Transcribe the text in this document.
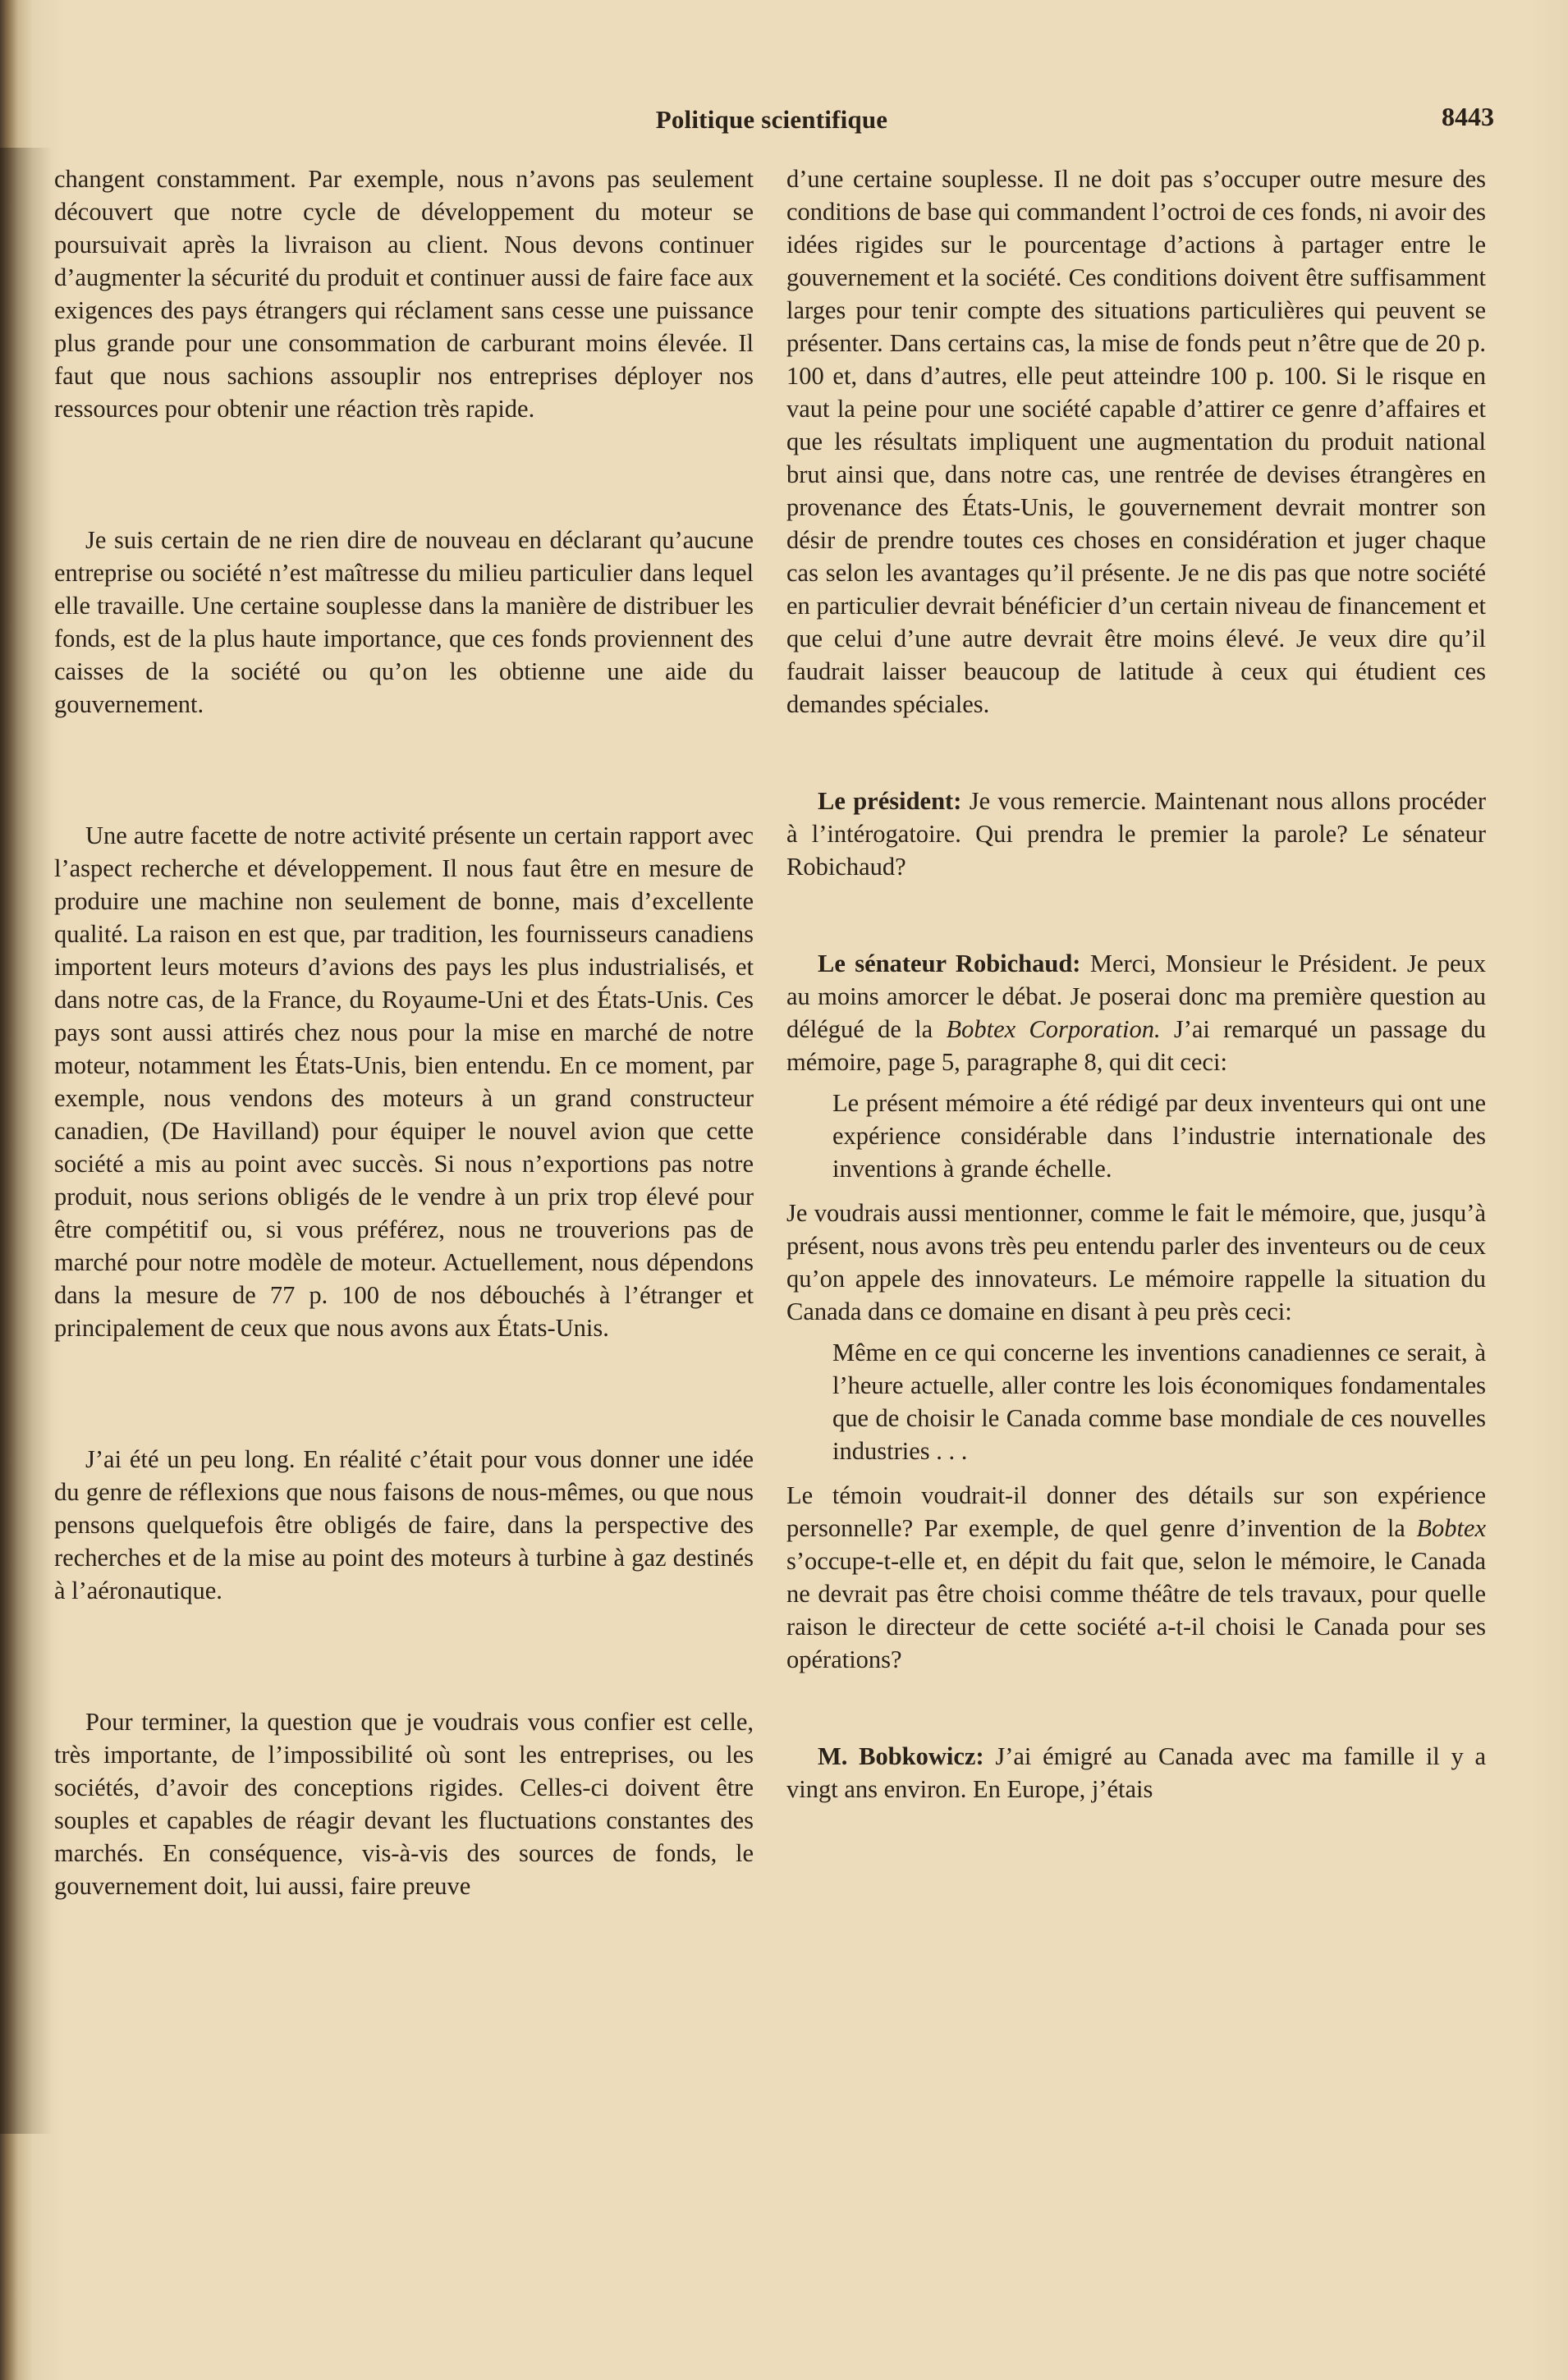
Politique scientifique	8443

changent constamment. Par exemple, nous n’avons pas seulement découvert que notre cycle de développement du moteur se poursuivait après la livraison au client. Nous devons continuer d’augmenter la sécurité du produit et continuer aussi de faire face aux exigences des pays étrangers qui réclament sans cesse une puissance plus grande pour une consommation de carburant moins élevée. Il faut que nous sachions assouplir nos entreprises déployer nos ressources pour obtenir une réaction très rapide.

Je suis certain de ne rien dire de nouveau en déclarant qu’aucune entreprise ou société n’est maîtresse du milieu particulier dans lequel elle travaille. Une certaine souplesse dans la manière de distribuer les fonds, est de la plus haute importance, que ces fonds proviennent des caisses de la société ou qu’on les obtienne une aide du gouvernement.

Une autre facette de notre activité présente un certain rapport avec l’aspect recherche et développement. Il nous faut être en mesure de produire une machine non seulement de bonne, mais d’excellente qualité. La raison en est que, par tradition, les fournisseurs canadiens importent leurs moteurs d’avions des pays les plus industrialisés, et dans notre cas, de la France, du Royaume-Uni et des États-Unis. Ces pays sont aussi attirés chez nous pour la mise en marché de notre moteur, notamment les États-Unis, bien entendu. En ce moment, par exemple, nous vendons des moteurs à un grand constructeur canadien, (De Havilland) pour équiper le nouvel avion que cette société a mis au point avec succès. Si nous n’exportions pas notre produit, nous serions obligés de le vendre à un prix trop élevé pour être compétitif ou, si vous préférez, nous ne trouverions pas de marché pour notre modèle de moteur. Actuellement, nous dépendons dans la mesure de 77 p. 100 de nos débouchés à l’étranger et principalement de ceux que nous avons aux États-Unis.

J’ai été un peu long. En réalité c’était pour vous donner une idée du genre de réflexions que nous faisons de nous-mêmes, ou que nous pensons quelquefois être obligés de faire, dans la perspective des recherches et de la mise au point des moteurs à turbine à gaz destinés à l’aéronautique.

Pour terminer, la question que je voudrais vous confier est celle, très importante, de l’impossibilité où sont les entreprises, ou les sociétés, d’avoir des conceptions rigides. Celles-ci doivent être souples et capables de réagir devant les fluctuations constantes des marchés. En conséquence, vis-à-vis des sources de fonds, le gouvernement doit, lui aussi, faire preuve

d’une certaine souplesse. Il ne doit pas s’occuper outre mesure des conditions de base qui commandent l’octroi de ces fonds, ni avoir des idées rigides sur le pourcentage d’actions à partager entre le gouvernement et la société. Ces conditions doivent être suffisamment larges pour tenir compte des situations particulières qui peuvent se présenter. Dans certains cas, la mise de fonds peut n’être que de 20 p. 100 et, dans d’autres, elle peut atteindre 100 p. 100. Si le risque en vaut la peine pour une société capable d’attirer ce genre d’affaires et que les résultats impliquent une augmentation du produit national brut ainsi que, dans notre cas, une rentrée de devises étrangères en provenance des États-Unis, le gouvernement devrait montrer son désir de prendre toutes ces choses en considération et juger chaque cas selon les avantages qu’il présente. Je ne dis pas que notre société en particulier devrait bénéficier d’un certain niveau de financement et que celui d’une autre devrait être moins élevé. Je veux dire qu’il faudrait laisser beaucoup de latitude à ceux qui étudient ces demandes spéciales.

Le président: Je vous remercie. Maintenant nous allons procéder à l’intérogatoire. Qui prendra le premier la parole? Le sénateur Robichaud?

Le sénateur Robichaud: Merci, Monsieur le Président. Je peux au moins amorcer le débat. Je poserai donc ma première question au délégué de la Bobtex Corporation. J’ai remarqué un passage du mémoire, page 5, paragraphe 8, qui dit ceci:

Le présent mémoire a été rédigé par deux inventeurs qui ont une expérience considérable dans l’industrie internationale des inventions à grande échelle.

Je voudrais aussi mentionner, comme le fait le mémoire, que, jusqu’à présent, nous avons très peu entendu parler des inventeurs ou de ceux qu’on appele des innovateurs. Le mémoire rappelle la situation du Canada dans ce domaine en disant à peu près ceci:

Même en ce qui concerne les inventions canadiennes ce serait, à l’heure actuelle, aller contre les lois économiques fondamentales que de choisir le Canada comme base mondiale de ces nouvelles industries . . .

Le témoin voudrait-il donner des détails sur son expérience personnelle? Par exemple, de quel genre d’invention de la Bobtex s’occupe-t-elle et, en dépit du fait que, selon le mémoire, le Canada ne devrait pas être choisi comme théâtre de tels travaux, pour quelle raison le directeur de cette société a-t-il choisi le Canada pour ses opérations?

M. Bobkowicz: J’ai émigré au Canada avec ma famille il y a vingt ans environ. En Europe, j’étais
